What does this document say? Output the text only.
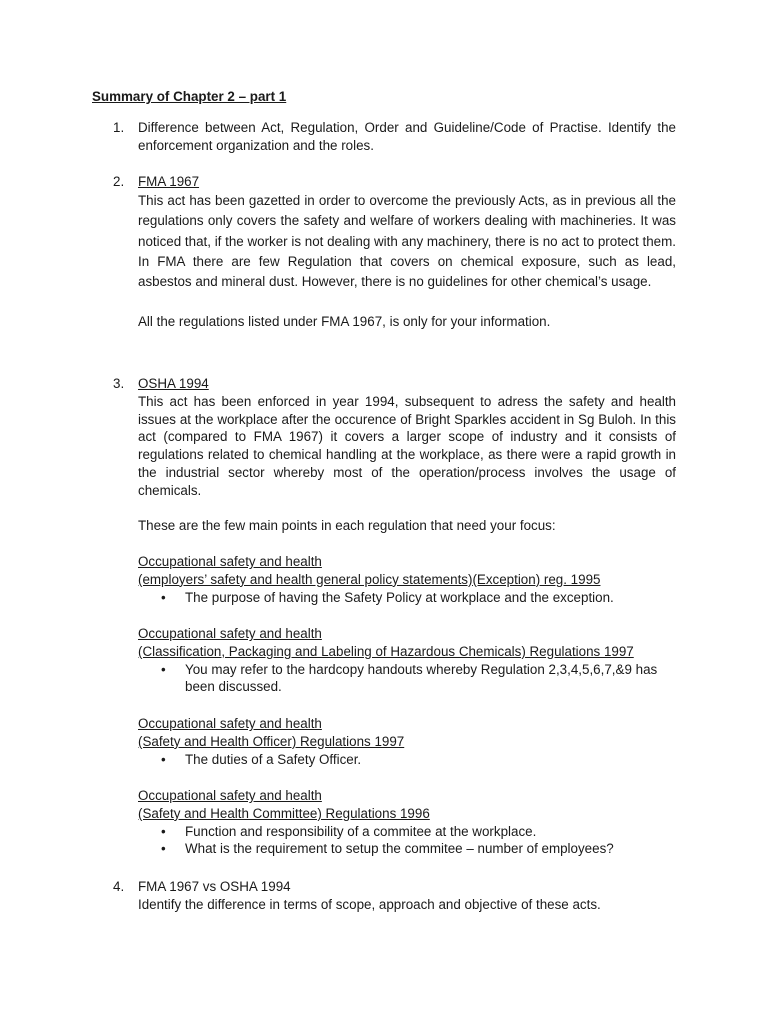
Summary of Chapter 2 – part 1
1. Difference between Act, Regulation, Order and Guideline/Code of Practise. Identify the enforcement organization and the roles.

2. FMA 1967

This act has been gazetted in order to overcome the previously Acts, as in previous all the regulations only covers the safety and welfare of workers dealing with machineries. It was noticed that, if the worker is not dealing with any machinery, there is no act to protect them. In FMA there are few Regulation that covers on chemical exposure, such as lead, asbestos and mineral dust. However, there is no guidelines for other chemical’s usage.

All the regulations listed under FMA 1967, is only for your information.

3. OSHA 1994

This act has been enforced in year 1994, subsequent to adress the safety and health issues at the workplace after the occurence of Bright Sparkles accident in Sg Buloh. In this act (compared to FMA 1967) it covers a larger scope of industry and it consists of regulations related to chemical handling at the workplace, as there were a rapid growth in the industrial sector whereby most of the operation/process involves the usage of chemicals.

These are the few main points in each regulation that need your focus:

Occupational safety and health

(employers’ safety and health general policy statements)(Exception) reg. 1995

• The purpose of having the Safety Policy at workplace and the exception.

Occupational safety and health

(Classification, Packaging and Labeling of Hazardous Chemicals) Regulations 1997

• You may refer to the hardcopy handouts whereby Regulation 2,3,4,5,6,7,&9 has been discussed.

Occupational safety and health

(Safety and Health Officer) Regulations 1997

• The duties of a Safety Officer.

Occupational safety and health

(Safety and Health Committee) Regulations 1996

• Function and responsibility of a commitee at the workplace.
• What is the requirement to setup the commitee – number of employees?
4. FMA 1967 vs OSHA 1994

Identify the difference in terms of scope, approach and objective of these acts.
